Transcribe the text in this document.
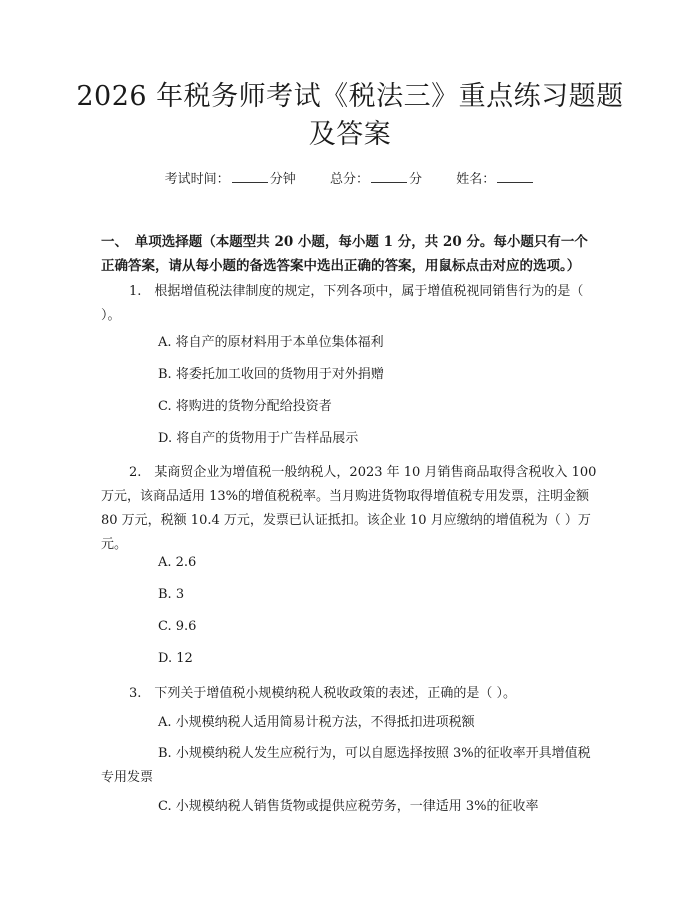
2026 年税务师考试《税法三》重点练习题题
及答案
考试时间：	分钟	总分：	分	姓名：
一、　单项选择题（本题型共 20 小题，每小题 1 分，共 20 分。每小题只有一个正确答案，请从每小题的备选答案中选出正确的答案，用鼠标点击对应的选项。）
1.　 根据增值税法律制度的规定，下列各项中，属于增值税视同销售行为的是（ ）。
A. 将自产的原材料用于本单位集体福利
B. 将委托加工收回的货物用于对外捐赠
C. 将购进的货物分配给投资者
D. 将自产的货物用于广告样品展示
2.　 某商贸企业为增值税一般纳税人，2023 年 10 月销售商品取得含税收入 100 万元，该商品适用 13%的增值税税率。当月购进货物取得增值税专用发票，注明金额 80 万元，税额 10.4 万元，发票已认证抵扣。该企业 10 月应缴纳的增值税为（ ）万元。
A. 2.6
B. 3
C. 9.6
D. 12
3.　 下列关于增值税小规模纳税人税收政策的表述，正确的是（ ）。
A. 小规模纳税人适用简易计税方法，不得抵扣进项税额
B. 小规模纳税人发生应税行为，可以自愿选择按照 3%的征收率开具增值税专用发票
C. 小规模纳税人销售货物或提供应税劳务，一律适用 3%的征收率
